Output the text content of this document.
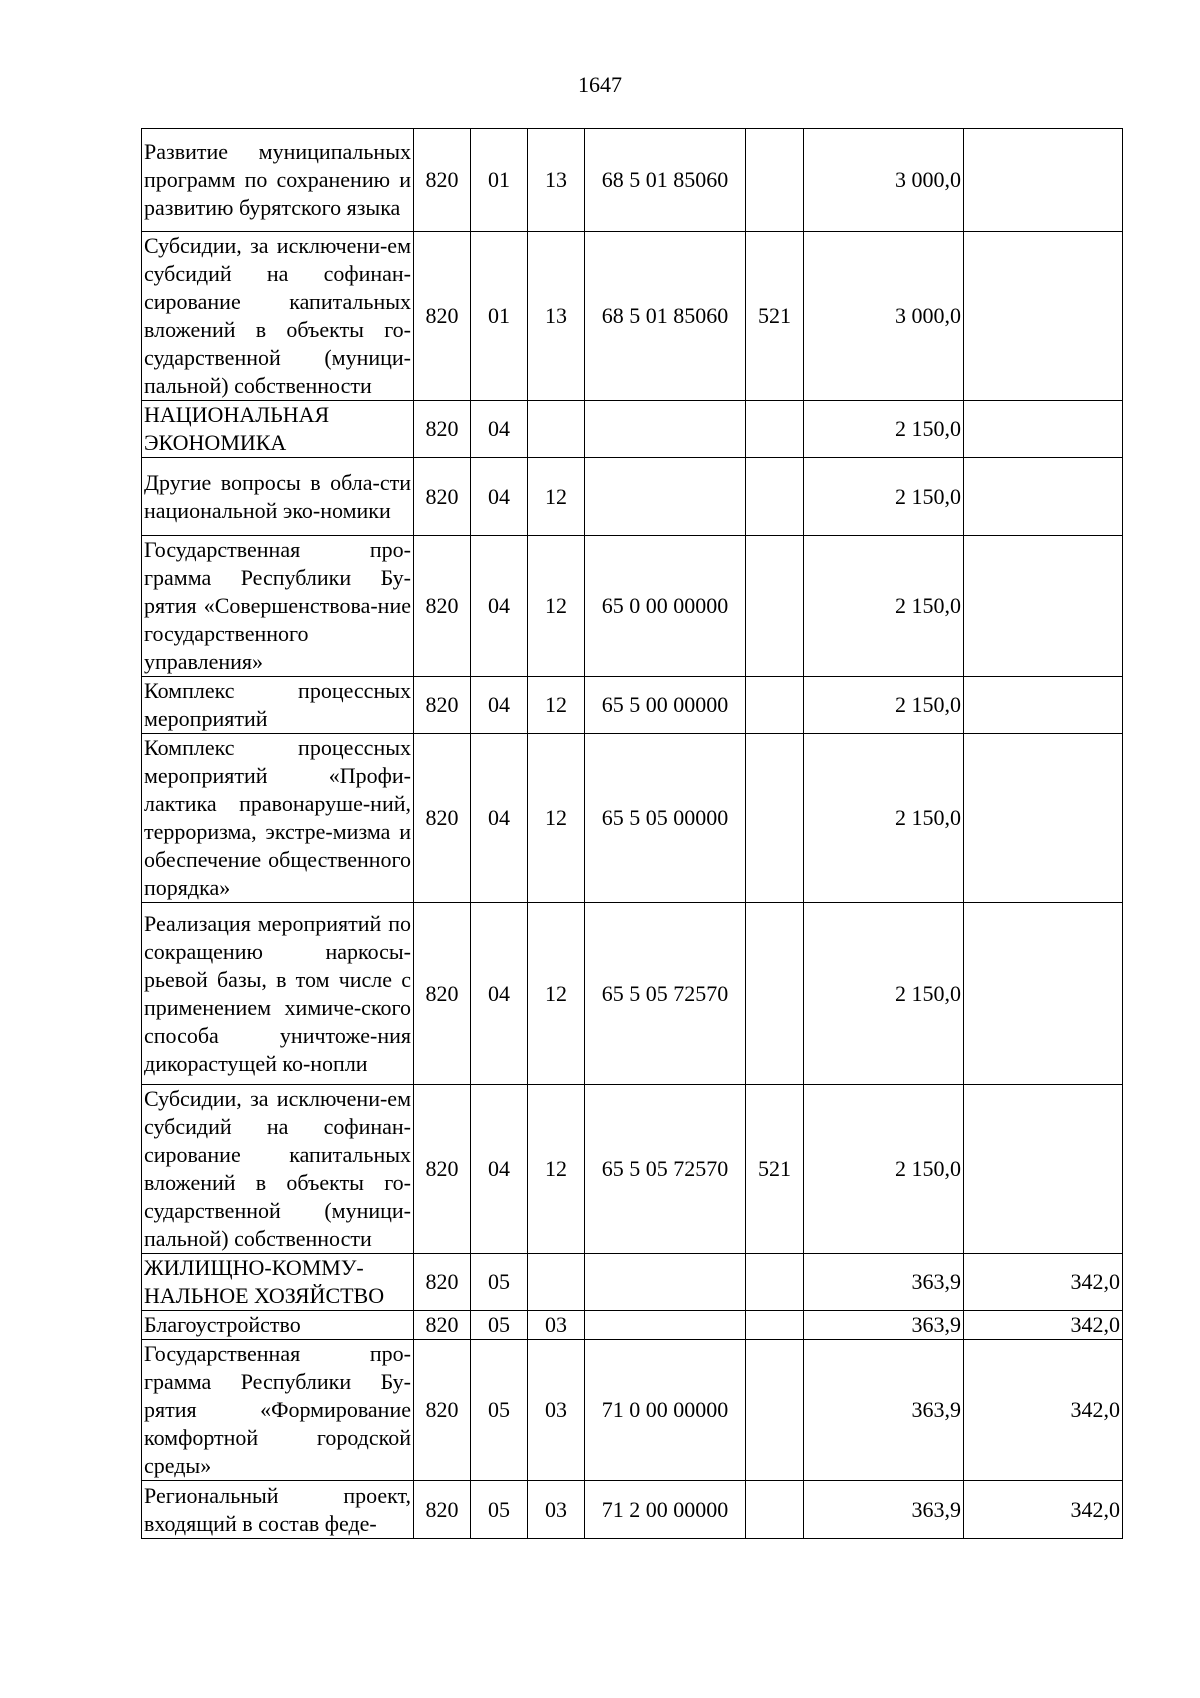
1647
Развитие муниципальных программ по сохранению и развитию бурятского языка	820	01	13	68 5 01 85060		3 000,0	
Субсидии, за исключени-ем субсидий на софинан-сирование капитальных вложений в объекты го-сударственной (муници-пальной) собственности	820	01	13	68 5 01 85060	521	3 000,0	
НАЦИОНАЛЬНАЯ ЭКОНОМИКА	820	04				2 150,0	
Другие вопросы в обла-сти национальной эко-номики	820	04	12			2 150,0	
Государственная про-грамма Республики Бу-рятия «Совершенствова-ние государственного управления»	820	04	12	65 0 00 00000		2 150,0	
Комплекс процессных мероприятий	820	04	12	65 5 00 00000		2 150,0	
Комплекс процессных мероприятий «Профи-лактика правонаруше-ний, терроризма, экстре-мизма и обеспечение общественного порядка»	820	04	12	65 5 05 00000		2 150,0	
Реализация мероприятий по сокращению наркосы-рьевой базы, в том числе с применением химиче-ского способа уничтоже-ния дикорастущей ко-нопли	820	04	12	65 5 05 72570		2 150,0	
Субсидии, за исключени-ем субсидий на софинан-сирование капитальных вложений в объекты го-сударственной (муници-пальной) собственности	820	04	12	65 5 05 72570	521	2 150,0	
ЖИЛИЩНО-КОММУ-НАЛЬНОЕ ХОЗЯЙСТВО	820	05				363,9	342,0
Благоустройство	820	05	03			363,9	342,0
Государственная про-грамма Республики Бу-рятия «Формирование комфортной городской среды»	820	05	03	71 0 00 00000		363,9	342,0
Региональный проект, входящий в состав феде-	820	05	03	71 2 00 00000		363,9	342,0
